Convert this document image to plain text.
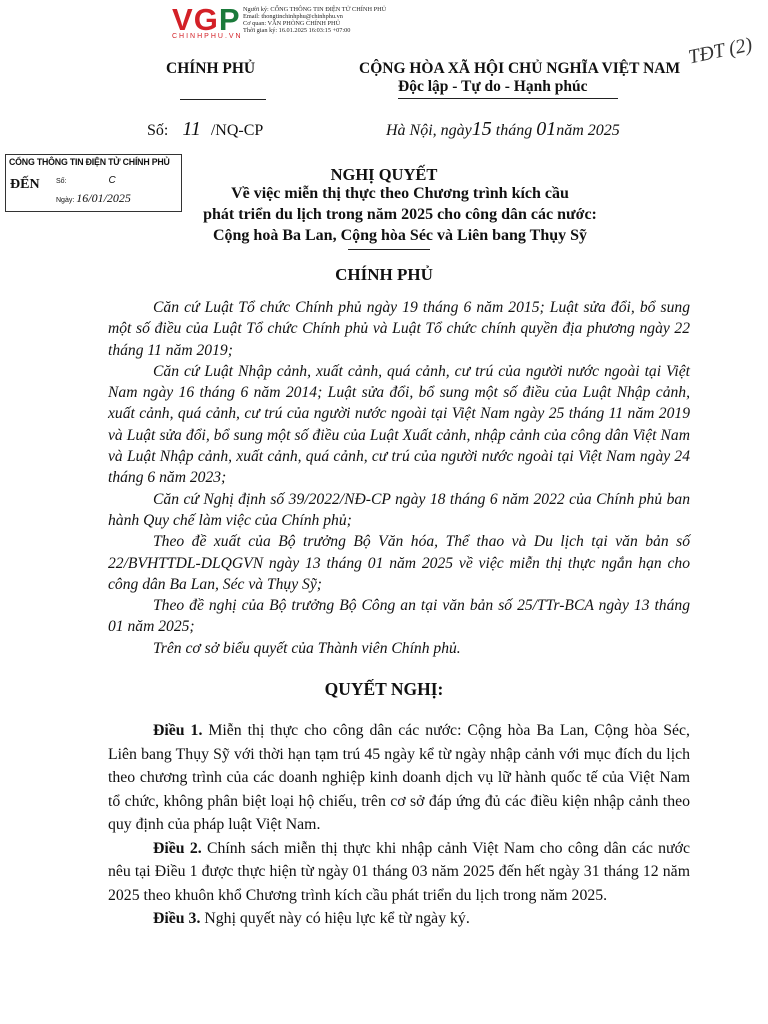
VGP
CHINHPHU.VN
Người ký: CỔNG THÔNG TIN ĐIỆN TỬ CHÍNH PHỦ
Email: thongtinchinhphu@chinhphu.vn
Cơ quan: VĂN PHÒNG CHÍNH PHỦ
Thời gian ký: 16.01.2025 16:03:15 +07:00
TĐT (2)
CHÍNH PHỦ	CỘNG HÒA XÃ HỘI CHỦ NGHĨA VIỆT NAM
Độc lập - Tự do - Hạnh phúc
Số: 11 /NQ-CP	Hà Nội, ngày15 tháng 01năm 2025
CỔNG THÔNG TIN ĐIỆN TỬ CHÍNH PHỦ
ĐẾN Số:	C
Ngày: 16/01/2025
NGHỊ QUYẾT
Về việc miễn thị thực theo Chương trình kích cầu
phát triển du lịch trong năm 2025 cho công dân các nước:
Cộng hoà Ba Lan, Cộng hòa Séc và Liên bang Thụy Sỹ
CHÍNH PHỦ

Căn cứ Luật Tổ chức Chính phủ ngày 19 tháng 6 năm 2015; Luật sửa đổi, bổ sung một số điều của Luật Tổ chức Chính phủ và Luật Tổ chức chính quyền địa phương ngày 22 tháng 11 năm 2019;

Căn cứ Luật Nhập cảnh, xuất cảnh, quá cảnh, cư trú của người nước ngoài tại Việt Nam ngày 16 tháng 6 năm 2014; Luật sửa đổi, bổ sung một số điều của Luật Nhập cảnh, xuất cảnh, quá cảnh, cư trú của người nước ngoài tại Việt Nam ngày 25 tháng 11 năm 2019 và Luật sửa đổi, bổ sung một số điều của Luật Xuất cảnh, nhập cảnh của công dân Việt Nam và Luật Nhập cảnh, xuất cảnh, quá cảnh, cư trú của người nước ngoài tại Việt Nam ngày 24 tháng 6 năm 2023;

Căn cứ Nghị định số 39/2022/NĐ-CP ngày 18 tháng 6 năm 2022 của Chính phủ ban hành Quy chế làm việc của Chính phủ;

Theo đề xuất của Bộ trưởng Bộ Văn hóa, Thể thao và Du lịch tại văn bản số 22/BVHTTDL-DLQGVN ngày 13 tháng 01 năm 2025 về việc miễn thị thực ngắn hạn cho công dân Ba Lan, Séc và Thụy Sỹ;

Theo đề nghị của Bộ trưởng Bộ Công an tại văn bản số 25/TTr-BCA ngày 13 tháng 01 năm 2025;

Trên cơ sở biểu quyết của Thành viên Chính phủ.

QUYẾT NGHỊ:

Điều 1. Miễn thị thực cho công dân các nước: Cộng hòa Ba Lan, Cộng hòa Séc, Liên bang Thụy Sỹ với thời hạn tạm trú 45 ngày kể từ ngày nhập cảnh với mục đích du lịch theo chương trình của các doanh nghiệp kinh doanh dịch vụ lữ hành quốc tế của Việt Nam tổ chức, không phân biệt loại hộ chiếu, trên cơ sở đáp ứng đủ các điều kiện nhập cảnh theo quy định của pháp luật Việt Nam.

Điều 2. Chính sách miễn thị thực khi nhập cảnh Việt Nam cho công dân các nước nêu tại Điều 1 được thực hiện từ ngày 01 tháng 03 năm 2025 đến hết ngày 31 tháng 12 năm 2025 theo khuôn khổ Chương trình kích cầu phát triển du lịch trong năm 2025.

Điều 3. Nghị quyết này có hiệu lực kể từ ngày ký.
